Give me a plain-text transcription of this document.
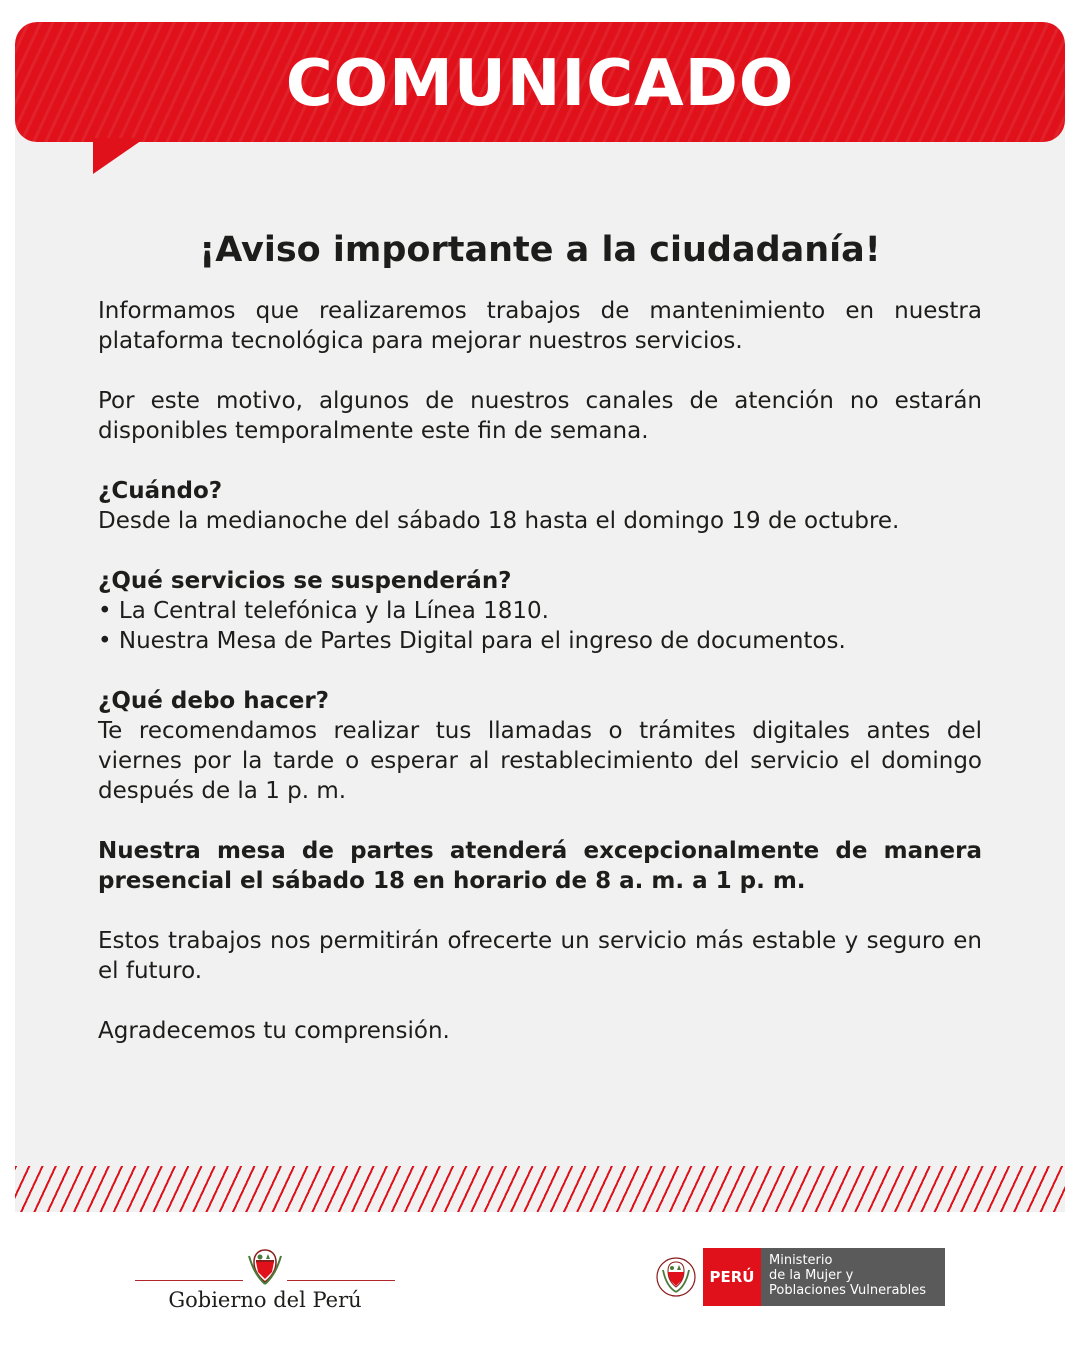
COMUNICADO
¡Aviso importante a la ciudadanía!

Informamos que realizaremos trabajos de mantenimiento en nuestra plataforma tecnológica para mejorar nuestros servicios.

Por este motivo, algunos de nuestros canales de atención no estarán disponibles temporalmente este fin de semana.

¿Cuándo?
Desde la medianoche del sábado 18 hasta el domingo 19 de octubre.

¿Qué servicios se suspenderán?
• La Central telefónica y la Línea 1810.
• Nuestra Mesa de Partes Digital para el ingreso de documentos.

¿Qué debo hacer?
Te recomendamos realizar tus llamadas o trámites digitales antes del viernes por la tarde o esperar al restablecimiento del servicio el domingo después de la 1 p. m.

Nuestra mesa de partes atenderá excepcionalmente de manera presencial el sábado 18 en horario de 8 a. m. a 1 p. m.

Estos trabajos nos permitirán ofrecerte un servicio más estable y seguro en el futuro.

Agradecemos tu comprensión.

Gobierno del Perú
PERÚ
Ministerio
de la Mujer y
Poblaciones Vulnerables
